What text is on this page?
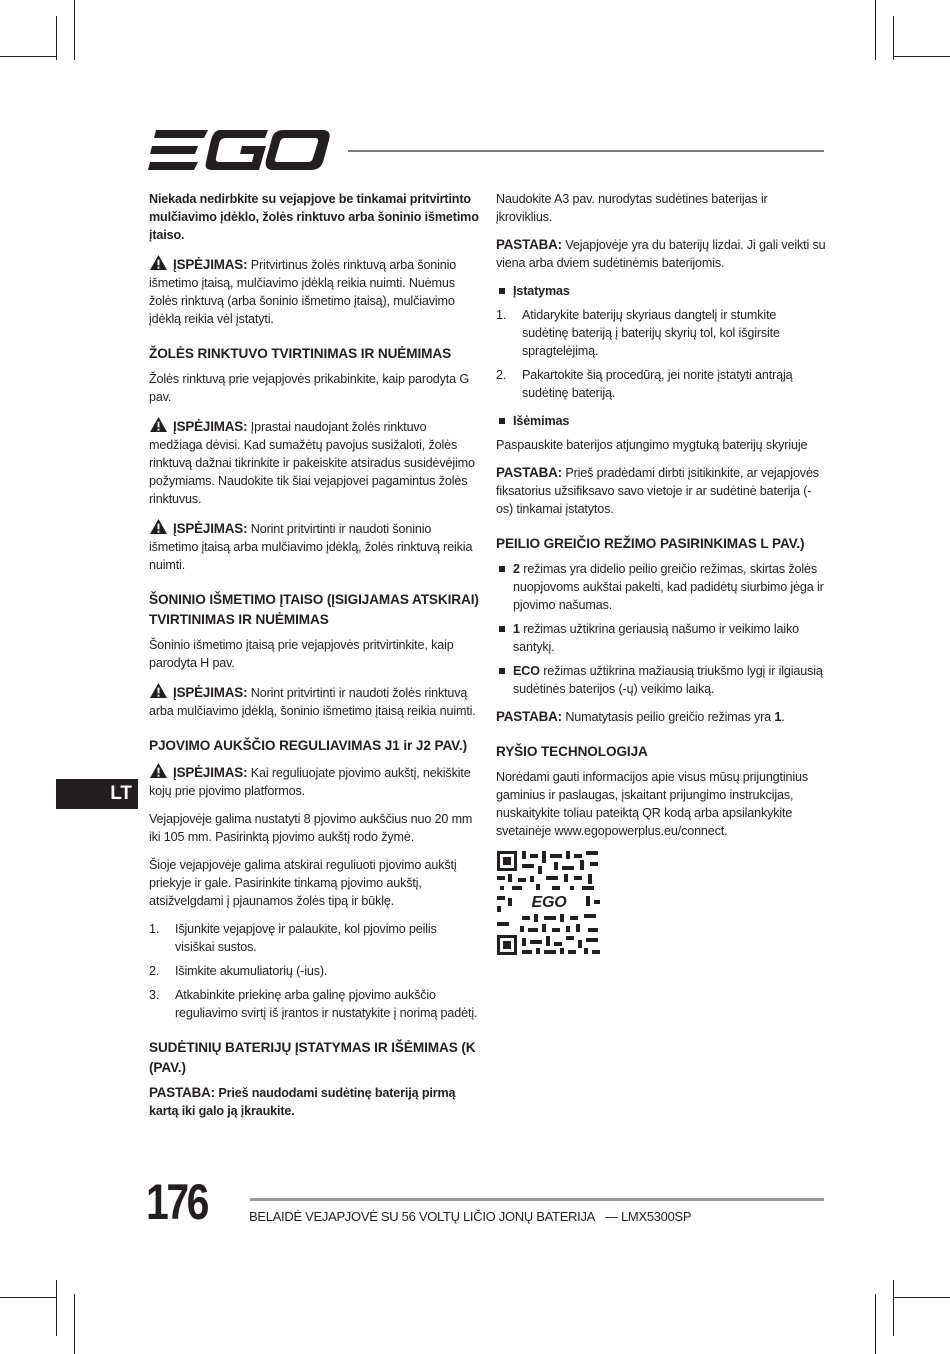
Niekada nedirbkite su vejapjove be tinkamai pritvirtinto mulčiavimo įdėklo, žolės rinktuvo arba šoninio išmetimo įtaiso.

ĮSPĖJIMAS: Pritvirtinus žolės rinktuvą arba šoninio išmetimo įtaisą, mulčiavimo įdėklą reikia nuimti. Nuėmus žolės rinktuvą (arba šoninio išmetimo įtaisą), mulčiavimo įdėklą reikia vėl įstatyti.

ŽOLĖS RINKTUVO TVIRTINIMAS IR NUĖMIMAS

Žolės rinktuvą prie vejapjovės prikabinkite, kaip parodyta G pav.

ĮSPĖJIMAS: Įprastai naudojant žolės rinktuvo medžiaga dėvisi. Kad sumažėtų pavojus susižaloti, žolės rinktuvą dažnai tikrinkite ir pakeiskite atsiradus susidėvėjimo požymiams. Naudokite tik šiai vejapjovei pagamintus žolės rinktuvus.

ĮSPĖJIMAS: Norint pritvirtinti ir naudoti šoninio išmetimo įtaisą arba mulčiavimo įdėklą, žolės rinktuvą reikia nuimti.

ŠONINIO IŠMETIMO ĮTAISO (ĮSIGIJAMAS ATSKIRAI) TVIRTINIMAS IR NUĖMIMAS

Šoninio išmetimo įtaisą prie vejapjovės pritvirtinkite, kaip parodyta H pav.

ĮSPĖJIMAS: Norint pritvirtinti ir naudoti žolės rinktuvą arba mulčiavimo įdėklą, šoninio išmetimo įtaisą reikia nuimti.

PJOVIMO AUKŠČIO REGULIAVIMAS J1 ir J2 PAV.)

ĮSPĖJIMAS: Kai reguliuojate pjovimo aukštį, nekiškite kojų prie pjovimo platformos.

Vejapjovėje galima nustatyti 8 pjovimo aukščius nuo 20 mm iki 105 mm. Pasirinktą pjovimo aukštį rodo žymė.

Šioje vejapjovėje galima atskirai reguliuoti pjovimo aukštį priekyje ir gale. Pasirinkite tinkamą pjovimo aukštį, atsižvelgdami į pjaunamos žolės tipą ir būklę.

1. Išjunkite vejapjovę ir palaukite, kol pjovimo peilis visiškai sustos.
2. Išimkite akumuliatorių (-ius).
3. Atkabinkite priekinę arba galinę pjovimo aukščio reguliavimo svirtį iš įrantos ir nustatykite į norimą padėtį.
SUDĖTINIŲ BATERIJŲ ĮSTATYMAS IR IŠĖMIMAS (K (PAV.)

PASTABA: Prieš naudodami sudėtinę bateriją pirmą kartą iki galo ją įkraukite.

Naudokite A3 pav. nurodytas sudėtines baterijas ir įkroviklius.

PASTABA: Vejapjovėje yra du baterijų lizdai. Ji gali veikti su viena arba dviem sudėtinėmis baterijomis.

Įstatymas
1. Atidarykite baterijų skyriaus dangtelį ir stumkite sudėtinę bateriją į baterijų skyrių tol, kol išgirsite spragtelėjimą.
2. Pakartokite šią procedūrą, jei norite įstatyti antrąją sudėtinę bateriją.
Išėmimas

Paspauskite baterijos atjungimo mygtuką baterijų skyriuje

PASTABA: Prieš pradėdami dirbti įsitikinkite, ar vejapjovės fiksatorius užsifiksavo savo vietoje ir ar sudėtinė baterija (-os) tinkamai įstatytos.

PEILIO GREIČIO REŽIMO PASIRINKIMAS L PAV.)
2 režimas yra didelio peilio greičio režimas, skirtas žolės nuopjovoms aukštai pakelti, kad padidėtų siurbimo jėga ir pjovimo našumas.
1 režimas užtikrina geriausią našumo ir veikimo laiko santykį.
ECO režimas užtikrina mažiausią triukšmo lygį ir ilgiausią sudėtinės baterijos (-ų) veikimo laiką.

PASTABA: Numatytasis peilio greičio režimas yra 1.

RYŠIO TECHNOLOGIJA

Norėdami gauti informacijos apie visus mūsų prijungtinius gaminius ir paslaugas, įskaitant prijungimo instrukcijas, nuskaitykite toliau pateiktą QR kodą arba apsilankykite svetainėje www.egopowerplus.eu/connect.

EGO
LT
176	BELAIDĖ VEJAPJOVĖ SU 56 VOLTŲ LIČIO JONŲ BATERIJA — LMX5300SP
